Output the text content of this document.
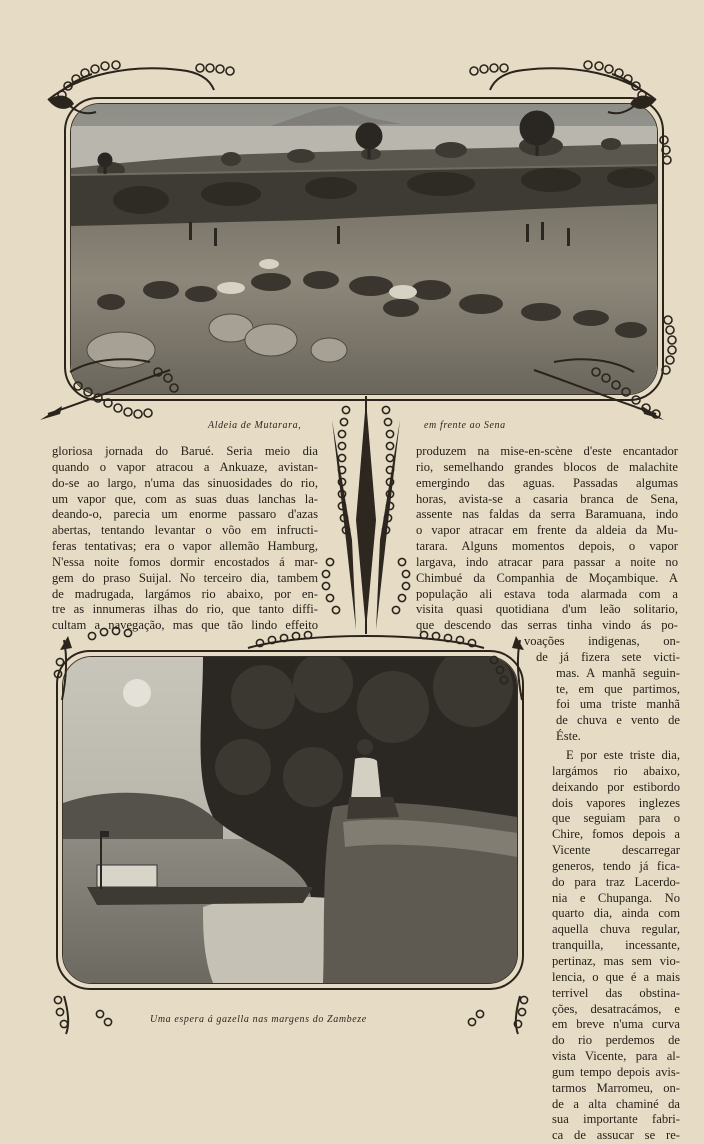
Aldeia de Mutarara,	em frente ao Sena
Uma espera á gazella nas margens do Zambeze
gloriosa jornada do Barué. Seria meio dia
quando o vapor atracou a Ankuaze, avistan-
do-se ao largo, n'uma das sinuosidades do rio,
um vapor que, com as suas duas lanchas la-
deando-o, parecia um enorme passaro d'azas
abertas, tentando levantar o vôo em infructi-
feras tentativas; era o vapor allemão Hamburg,
N'essa noite fomos dormir encostados á mar-
gem do praso Suijal. No terceiro dia, tambem
de madrugada, largámos rio abaixo, por en-
tre as innumeras ilhas do rio, que tanto diffi-
cultam a navegação, mas que tão lindo effeito
produzem na mise-en-scène d'este encantador
rio, semelhando grandes blocos de malachite
emergindo das aguas. Passadas algumas
horas, avista-se a casaria branca de Sena,
assente nas faldas da serra Baramuana, indo
o vapor atracar em frente da aldeia da Mu-
tarara. Alguns momentos depois, o vapor
largava, indo atracar para passar a noite no
Chimbué da Companhia de Moçambique. A
população ali estava toda alarmada com a
visita quasi quotidiana d'um leão solitario,
que descendo das serras tinha vindo ás po-
voações indigenas, on-
de já fizera sete victi-
mas. A manhã seguin-
te, em que partimos,
foi uma triste manhã
de chuva e vento de
Éste.
E por este triste dia,
largámos rio abaixo,
deixando por estibordo
dois vapores inglezes
que seguiam para o
Chire, fomos depois a
Vicente descarregar
generos, tendo já fica-
do para traz Lacerdo-
nia e Chupanga. No
quarto dia, ainda com
aquella chuva regular,
tranquilla, incessante,
pertinaz, mas sem vio-
lencia, o que é a mais
terrivel das obstina-
ções, desatracámos, e
em breve n'uma curva
do rio perdemos de
vista Vicente, para al-
gum tempo depois avis-
tarmos Marromeu, on-
de a alta chaminé da
sua importante fabri-
ca de assucar se re-
